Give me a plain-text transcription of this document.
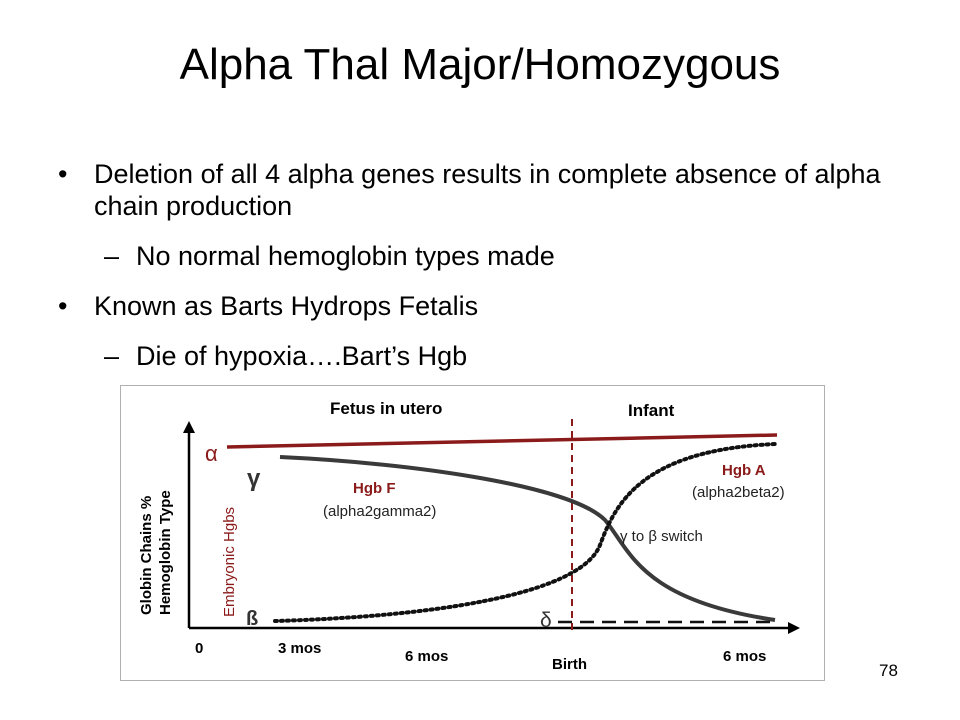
Alpha Thal Major/Homozygous
• Deletion of all 4 alpha genes results in complete absence of alpha chain production
– No normal hemoglobin types made
• Known as Barts Hydrops Fetalis
– Die of hypoxia….Bart’s Hgb
Fetus in utero	Infant
Globin Chains % Hemoglobin Type	Embryonic Hgbs
α
γ
ß	δ
Hgb F
(alpha2gamma2)
Hgb A
(alpha2beta2)
γ to β switch
0	3 mos	6 mos	Birth	6 mos
78
